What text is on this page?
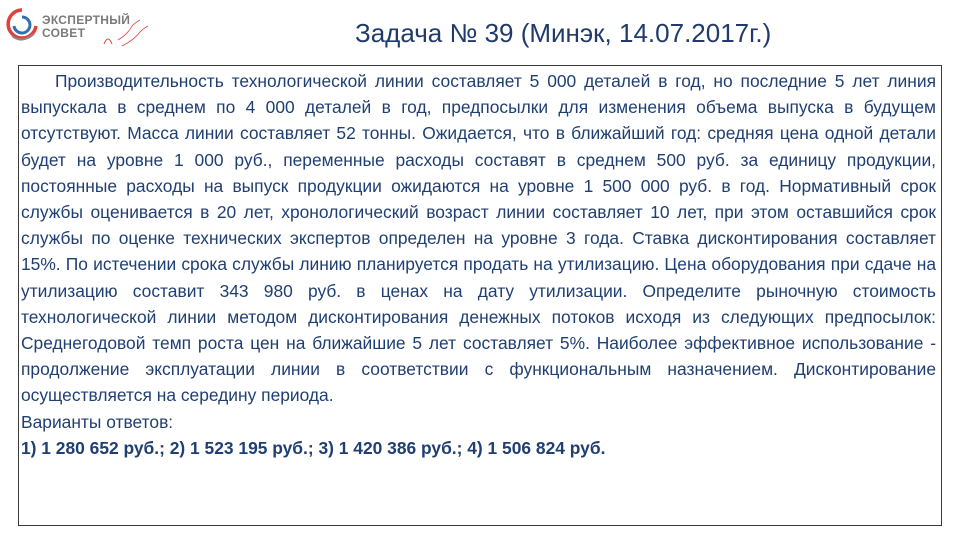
ЭКСПЕРТНЫЙ
СОВЕТ	Задача № 39 (Минэк, 14.07.2017г.)

Производительность технологической линии составляет 5 000 деталей в год, но последние 5 лет линия выпускала в среднем по 4 000 деталей в год, предпосылки для изменения объема выпуска в будущем отсутствуют. Масса линии составляет 52 тонны. Ожидается, что в ближайший год: средняя цена одной детали будет на уровне 1 000 руб., переменные расходы составят в среднем 500 руб. за единицу продукции, постоянные расходы на выпуск продукции ожидаются на уровне 1 500 000 руб. в год. Нормативный срок службы оценивается в 20 лет, хронологический возраст линии составляет 10 лет, при этом оставшийся срок службы по оценке технических экспертов определен на уровне 3 года. Ставка дисконтирования составляет 15%. По истечении срока службы линию планируется продать на утилизацию. Цена оборудования при сдаче на утилизацию составит 343 980 руб. в ценах на дату утилизации. Определите рыночную стоимость технологической линии методом дисконтирования денежных потоков исходя из следующих предпосылок: Среднегодовой темп роста цен на ближайшие 5 лет составляет 5%. Наиболее эффективное использование - продолжение эксплуатации линии в соответствии с функциональным назначением. Дисконтирование осуществляется на середину периода.

Варианты ответов:

1) 1 280 652 руб.; 2) 1 523 195 руб.; 3) 1 420 386 руб.; 4) 1 506 824 руб.
